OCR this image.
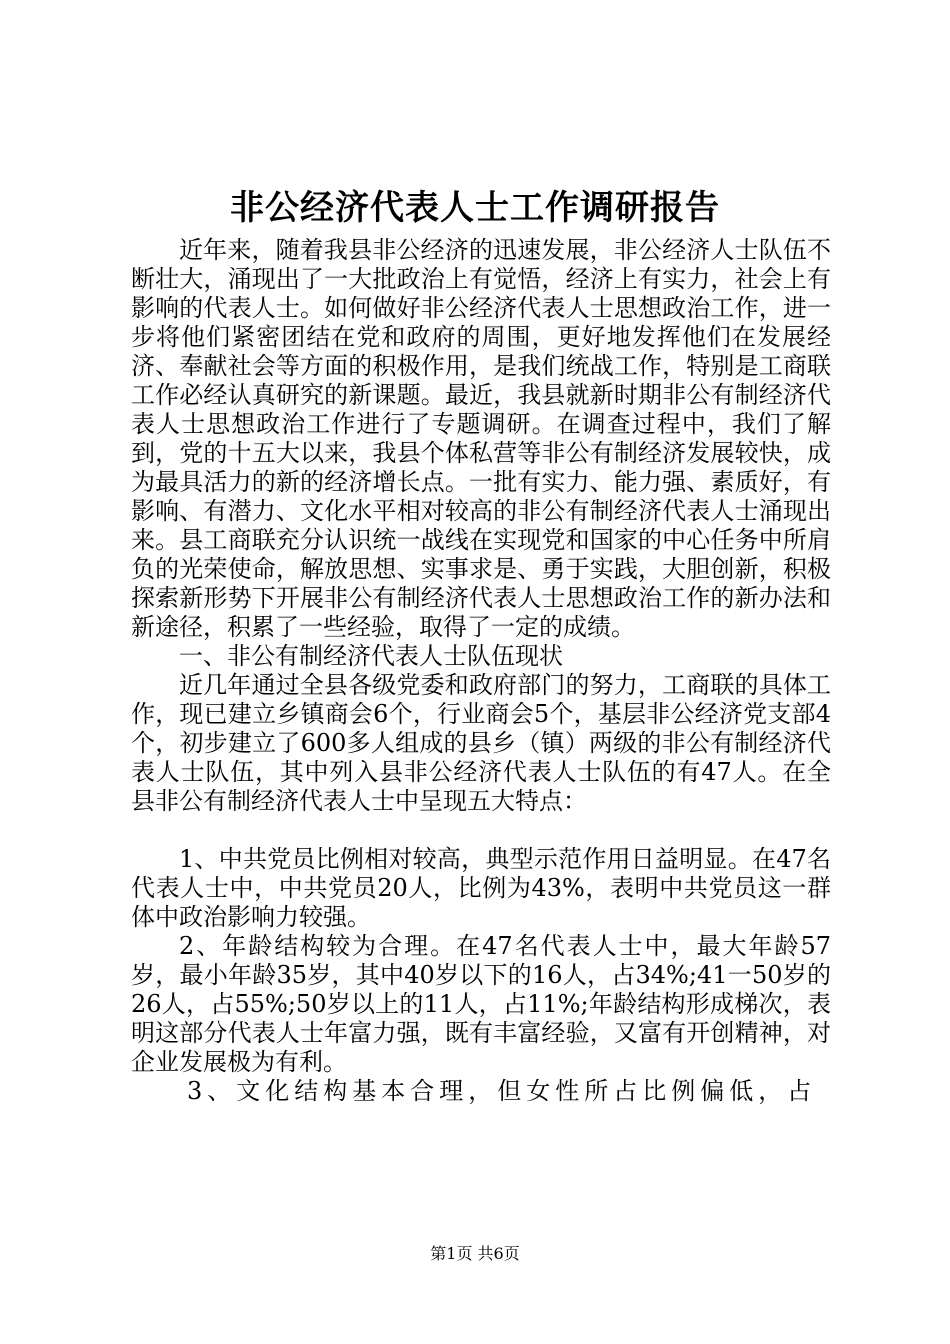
非公经济代表人士工作调研报告

近年来，随着我县非公经济的迅速发展，非公经济人士队伍不断壮大，涌现出了一大批政治上有觉悟，经济上有实力，社会上有影响的代表人士。如何做好非公经济代表人士思想政治工作，进一步将他们紧密团结在党和政府的周围，更好地发挥他们在发展经济、奉献社会等方面的积极作用，是我们统战工作，特别是工商联工作必经认真研究的新课题。最近，我县就新时期非公有制经济代表人士思想政治工作进行了专题调研。在调查过程中，我们了解到，党的十五大以来，我县个体私营等非公有制经济发展较快，成为最具活力的新的经济增长点。一批有实力、能力强、素质好，有影响、有潜力、文化水平相对较高的非公有制经济代表人士涌现出来。县工商联充分认识统一战线在实现党和国家的中心任务中所肩负的光荣使命，解放思想、实事求是、勇于实践，大胆创新，积极探索新形势下开展非公有制经济代表人士思想政治工作的新办法和新途径，积累了一些经验，取得了一定的成绩。

一、非公有制经济代表人士队伍现状

近几年通过全县各级党委和政府部门的努力，工商联的具体工作，现已建立乡镇商会6个，行业商会5个，基层非公经济党支部4个，初步建立了600多人组成的县乡（镇）两级的非公有制经济代表人士队伍，其中列入县非公经济代表人士队伍的有47人。在全县非公有制经济代表人士中呈现五大特点：

1、中共党员比例相对较高，典型示范作用日益明显。在47名代表人士中，中共党员20人，比例为43%，表明中共党员这一群体中政治影响力较强。

2、年龄结构较为合理。在47名代表人士中，最大年龄57岁，最小年龄35岁，其中40岁以下的16人，占34%;41一50岁的26人，占55%;50岁以上的11人，占11%;年龄结构形成梯次，表明这部分代表人士年富力强，既有丰富经验，又富有开创精神，对企业发展极为有利。

3、文化结构基本合理，但女性所占比例偏低，占

第1页 共6页
